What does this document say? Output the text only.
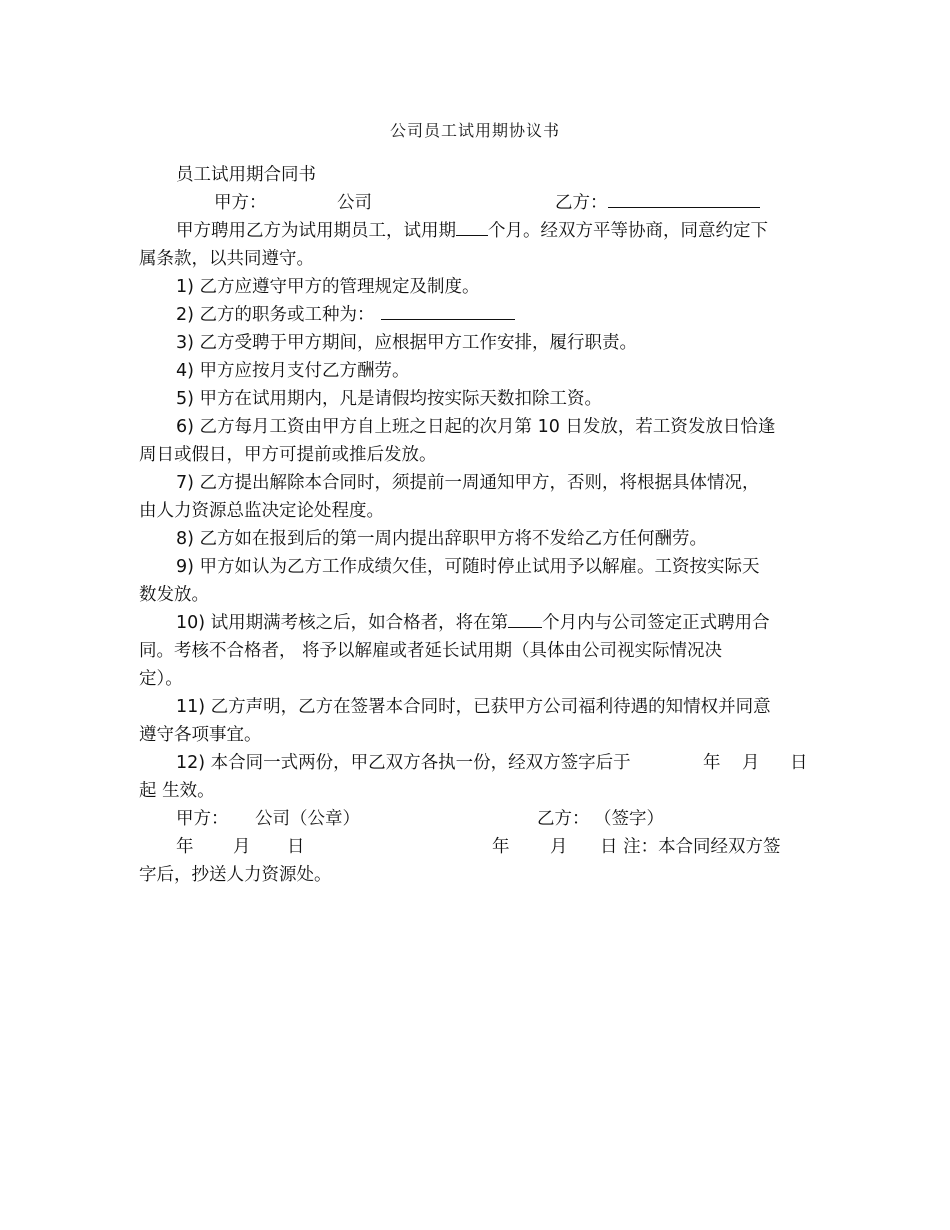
公司员工试用期协议书
员工试用期合同书
甲方：	公司	乙方：
甲方聘用乙方为试用期员工，试用期 个月。经双方平等协商，同意约定下
属条款，以共同遵守。
1) 乙方应遵守甲方的管理规定及制度。
2) 乙方的职务或工种为：
3) 乙方受聘于甲方期间，应根据甲方工作安排，履行职责。
4) 甲方应按月支付乙方酬劳。
5) 甲方在试用期内，凡是请假均按实际天数扣除工资。
6) 乙方每月工资由甲方自上班之日起的次月第 10 日发放，若工资发放日恰逢
周日或假日，甲方可提前或推后发放。
7) 乙方提出解除本合同时，须提前一周通知甲方，否则，将根据具体情况，
由人力资源总监决定论处程度。
8) 乙方如在报到后的第一周内提出辞职甲方将不发给乙方任何酬劳。
9) 甲方如认为乙方工作成绩欠佳，可随时停止试用予以解雇。工资按实际天
数发放。
10) 试用期满考核之后，如合格者，将在第 个月内与公司签定正式聘用合
同。考核不合格者， 将予以解雇或者延长试用期（具体由公司视实际情况决
定）。
11) 乙方声明，乙方在签署本合同时，已获甲方公司福利待遇的知情权并同意
遵守各项事宜。
12) 本合同一式两份，甲乙双方各执一份，经双方签字后于	年 月 日
起 生效。
甲方： 公司（公章）	乙方： （签字）
年 月 日	年 月 日 注：本合同经双方签
字后，抄送人力资源处。
